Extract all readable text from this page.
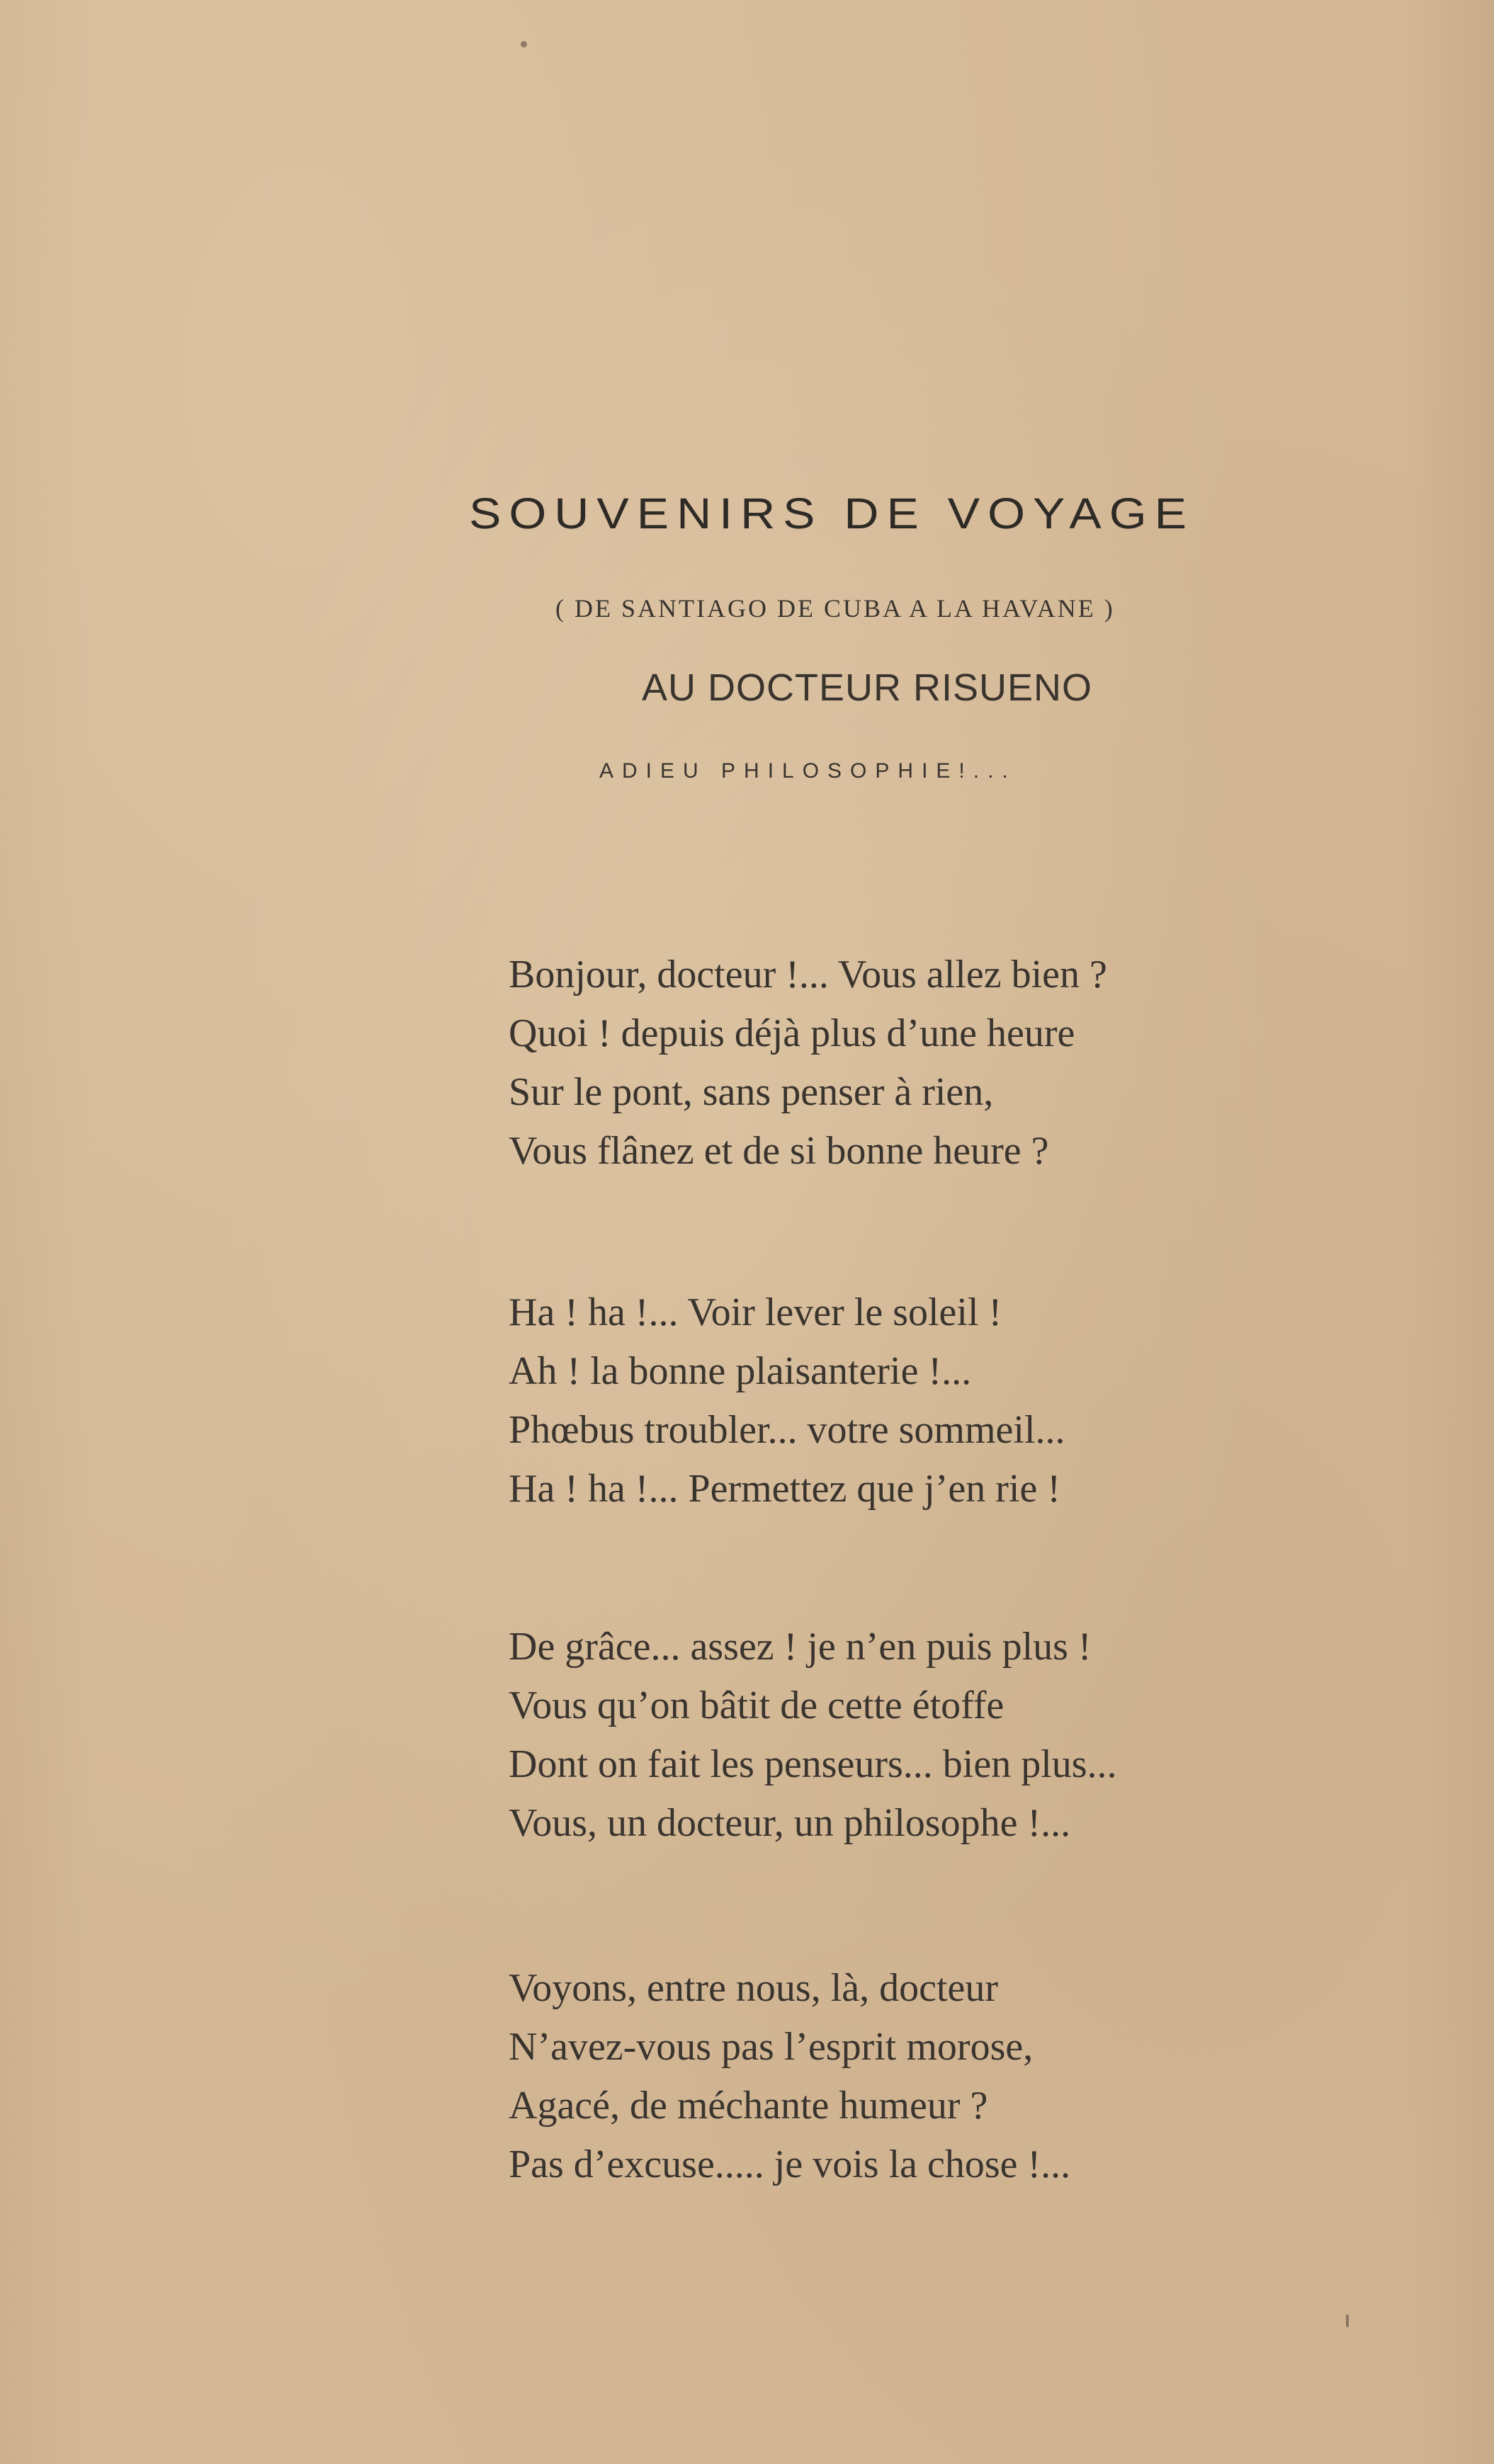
SOUVENIRS DE VOYAGE
( DE SANTIAGO DE CUBA A LA HAVANE )
AU DOCTEUR RISUENO
ADIEU PHILOSOPHIE!...
Bonjour, docteur !... Vous allez bien ?
Quoi ! depuis déjà plus d’une heure
Sur le pont, sans penser à rien,
Vous flânez et de si bonne heure ?
Ha ! ha !... Voir lever le soleil !
Ah ! la bonne plaisanterie !...
Phœbus troubler... votre sommeil...
Ha ! ha !... Permettez que j’en rie !
De grâce... assez ! je n’en puis plus !
Vous qu’on bâtit de cette étoffe
Dont on fait les penseurs... bien plus...
Vous, un docteur, un philosophe !...
Voyons, entre nous, là, docteur
N’avez-vous pas l’esprit morose,
Agacé, de méchante humeur ?
Pas d’excuse..... je vois la chose !...
